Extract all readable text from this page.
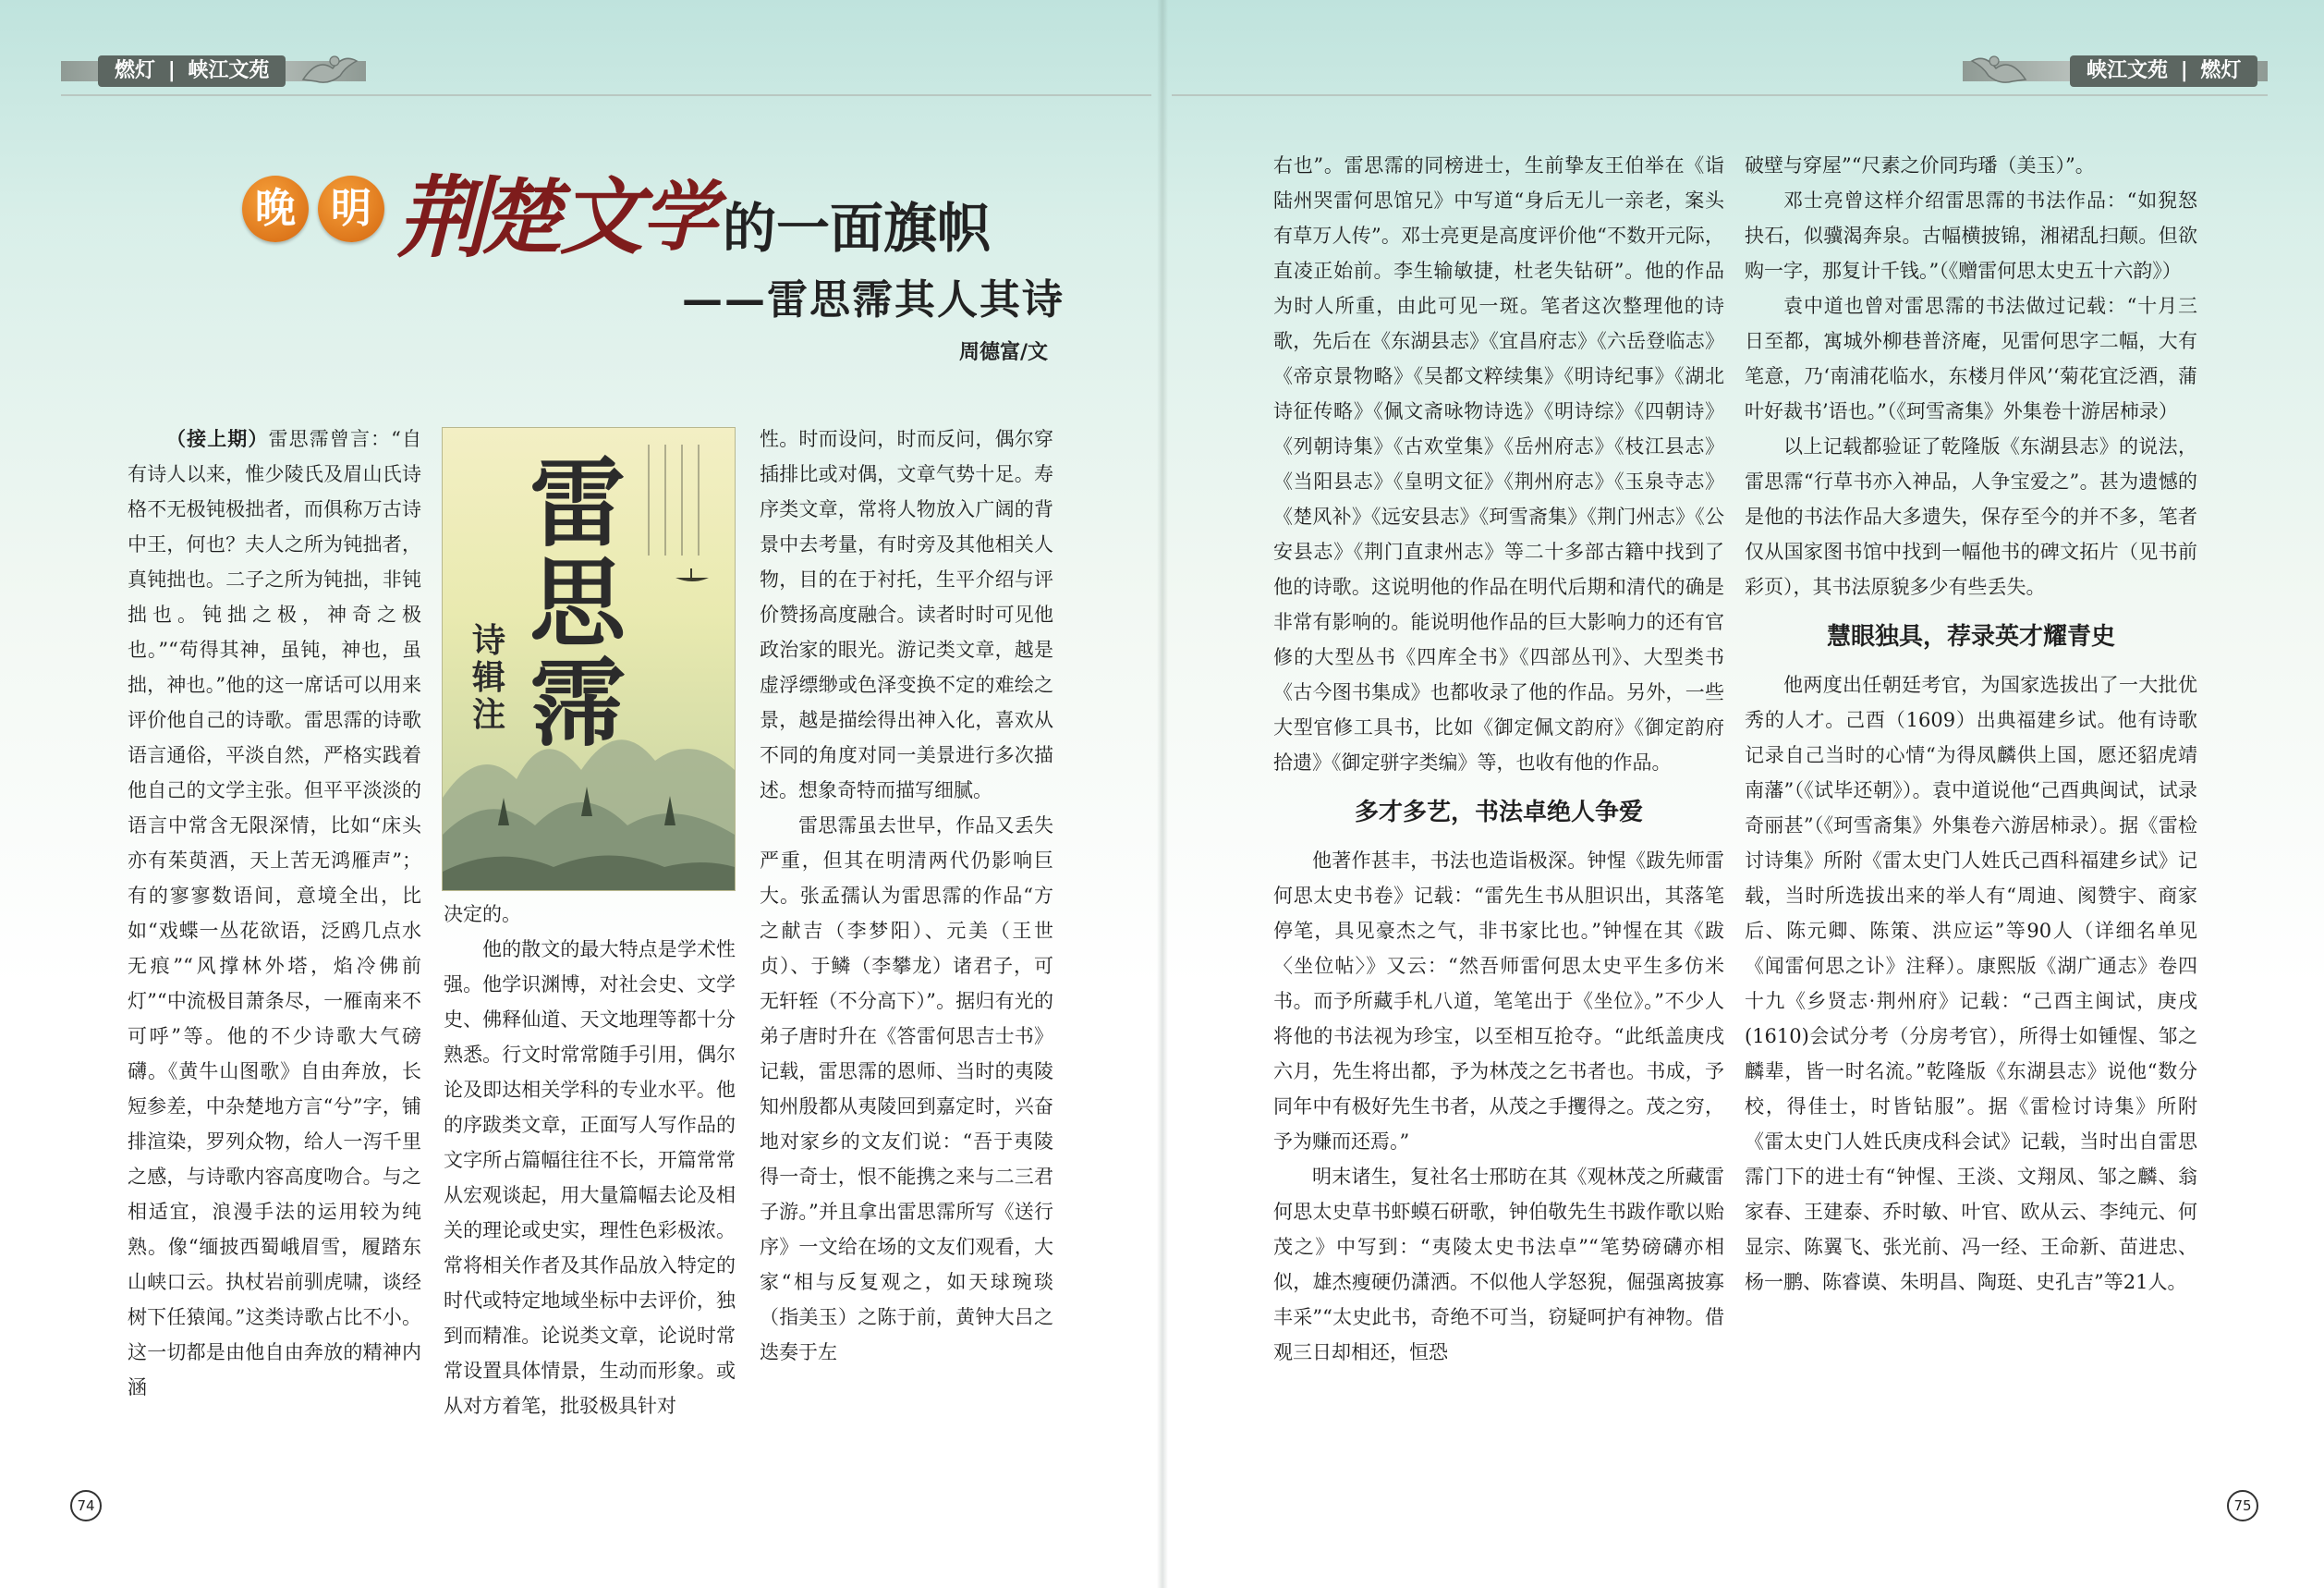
燃灯 | 峡江文苑
晚 明 荆
楚
文
学 的一面旗帜
——雷思霈其人其诗
周德富/文
雷思霈
诗辑注

（接上期）雷思霈曾言：“自有诗人以来，惟少陵氏及眉山氏诗格不无极钝极拙者，而俱称万古诗中王，何也？夫人之所为钝拙者，真钝拙也。二子之所为钝拙，非钝拙也。钝拙之极，神奇之极也。”“苟得其神，虽钝，神也，虽拙，神也。”他的这一席话可以用来评价他自己的诗歌。雷思霈的诗歌语言通俗，平淡自然，严格实践着他自己的文学主张。但平平淡淡的语言中常含无限深情，比如“床头亦有茱萸酒，天上苦无鸿雁声”；有的寥寥数语间，意境全出，比如“戏蝶一丛花欲语，泛鸥几点水无痕”“风撑林外塔，焰冷佛前灯”“中流极目萧条尽，一雁南来不可呼”等。他的不少诗歌大气磅礴。《黄牛山图歌》自由奔放，长短参差，中杂楚地方言“兮”字，铺排渲染，罗列众物，给人一泻千里之感，与诗歌内容高度吻合。与之相适宜，浪漫手法的运用较为纯熟。像“缅披西蜀峨眉雪，履踏东山峡口云。执杖岩前驯虎啸，谈经树下任猿闻。”这类诗歌占比不小。这一切都是由他自由奔放的精神内涵

决定的。

他的散文的最大特点是学术性强。他学识渊博，对社会史、文学史、佛释仙道、天文地理等都十分熟悉。行文时常常随手引用，偶尔论及即达相关学科的专业水平。他的序跋类文章，正面写人写作品的文字所占篇幅往往不长，开篇常常从宏观谈起，用大量篇幅去论及相关的理论或史实，理性色彩极浓。常将相关作者及其作品放入特定的时代或特定地域坐标中去评价，独到而精准。论说类文章，论说时常常设置具体情景，生动而形象。或从对方着笔，批驳极具针对

性。时而设问，时而反问，偶尔穿插排比或对偶，文章气势十足。寿序类文章，常将人物放入广阔的背景中去考量，有时旁及其他相关人物，目的在于衬托，生平介绍与评价赞扬高度融合。读者时时可见他政治家的眼光。游记类文章，越是虚浮缥缈或色泽变换不定的难绘之景，越是描绘得出神入化，喜欢从不同的角度对同一美景进行多次描述。想象奇特而描写细腻。

雷思霈虽去世早，作品又丢失严重，但其在明清两代仍影响巨大。张孟孺认为雷思霈的作品“方之献吉（李梦阳）、元美（王世贞）、于鳞（李攀龙）诸君子，可无轩轾（不分高下）”。据归有光的弟子唐时升在《答雷何思吉士书》记载，雷思霈的恩师、当时的夷陵知州殷都从夷陵回到嘉定时，兴奋地对家乡的文友们说：“吾于夷陵得一奇士，恨不能携之来与二三君子游。”并且拿出雷思霈所写《送行序》一文给在场的文友们观看，大家“相与反复观之，如天球琬琰（指美玉）之陈于前，黄钟大吕之迭奏于左

74
峡江文苑 | 燃灯

右也”。雷思霈的同榜进士，生前挚友王伯举在《诣陆州哭雷何思馆兄》中写道“身后无儿一亲老，案头有草万人传”。邓士亮更是高度评价他“不数开元际，直凌正始前。李生输敏捷，杜老失钻研”。他的作品为时人所重，由此可见一斑。笔者这次整理他的诗歌，先后在《东湖县志》《宜昌府志》《六岳登临志》《帝京景物略》《吴都文粹续集》《明诗纪事》《湖北诗征传略》《佩文斋咏物诗选》《明诗综》《四朝诗》《列朝诗集》《古欢堂集》《岳州府志》《枝江县志》《当阳县志》《皇明文征》《荆州府志》《玉泉寺志》《楚风补》《远安县志》《珂雪斋集》《荆门州志》《公安县志》《荆门直隶州志》等二十多部古籍中找到了他的诗歌。这说明他的作品在明代后期和清代的确是非常有影响的。能说明他作品的巨大影响力的还有官修的大型丛书《四库全书》《四部丛刊》、大型类书《古今图书集成》也都收录了他的作品。另外，一些大型官修工具书，比如《御定佩文韵府》《御定韵府拾遗》《御定骈字类编》等，也收有他的作品。

多才多艺，书法卓绝人争爱

他著作甚丰，书法也造诣极深。钟惺《跋先师雷何思太史书卷》记载：“雷先生书从胆识出，其落笔停笔，具见豪杰之气，非书家比也。”钟惺在其《跋〈坐位帖〉》又云：“然吾师雷何思太史平生多仿米书。而予所藏手札八道，笔笔出于《坐位》。”不少人将他的书法视为珍宝，以至相互抢夺。“此纸盖庚戌六月，先生将出都，予为林茂之乞书者也。书成，予同年中有极好先生书者，从茂之手攫得之。茂之穷，予为赚而还焉。”

明末诸生，复社名士邢昉在其《观林茂之所藏雷何思太史草书虾蟆石研歌，钟伯敬先生书跋作歌以贻茂之》中写到：“夷陵太史书法卓”“笔势磅礴亦相似，雄杰瘦硬仍潇洒。不似他人学怒猊，倔强离披寡丰采”“太史此书，奇绝不可当，窃疑呵护有神物。借观三日却相还，恒恐

破壁与穿屋”“尺素之价同玙璠（美玉）”。

邓士亮曾这样介绍雷思霈的书法作品：“如猊怒抉石，似骥渴奔泉。古幅横披锦，湘裙乱扫颠。但欲购一字，那复计千钱。”（《赠雷何思太史五十六韵》）

袁中道也曾对雷思霈的书法做过记载：“十月三日至都，寓城外柳巷普济庵，见雷何思字二幅，大有笔意，乃‘南浦花临水，东楼月伴风’‘菊花宜泛酒，蒲叶好裁书’语也。”（《珂雪斋集》外集卷十游居柿录）

以上记载都验证了乾隆版《东湖县志》的说法，雷思霈“行草书亦入神品，人争宝爱之”。甚为遗憾的是他的书法作品大多遗失，保存至今的并不多，笔者仅从国家图书馆中找到一幅他书的碑文拓片（见书前彩页），其书法原貌多少有些丢失。

慧眼独具，荐录英才耀青史

他两度出任朝廷考官，为国家选拔出了一大批优秀的人才。己酉（1609）出典福建乡试。他有诗歌记录自己当时的心情“为得凤麟供上国，愿还貂虎靖南藩”（《试毕还朝》）。袁中道说他“己酉典闽试，试录奇丽甚”（《珂雪斋集》外集卷六游居柿录）。据《雷检讨诗集》所附《雷太史门人姓氏己酉科福建乡试》记载，当时所选拔出来的举人有“周迪、阂赞宇、商家后、陈元卿、陈策、洪应运”等90人（详细名单见《闻雷何思之讣》注释）。康熙版《湖广通志》卷四十九《乡贤志·荆州府》记载：“己酉主闽试，庚戌(1610)会试分考（分房考官），所得士如锺惺、邹之麟辈，皆一时名流。”乾隆版《东湖县志》说他“数分校，得佳士，时皆钻服”。据《雷检讨诗集》所附《雷太史门人姓氏庚戌科会试》记载，当时出自雷思霈门下的进士有“钟惺、王淡、文翔凤、邹之麟、翁家春、王建泰、乔时敏、叶官、欧从云、李纯元、何显宗、陈翼飞、张光前、冯一经、王命新、苗进忠、杨一鹏、陈睿谟、朱明昌、陶珽、史孔吉”等21人。

75
